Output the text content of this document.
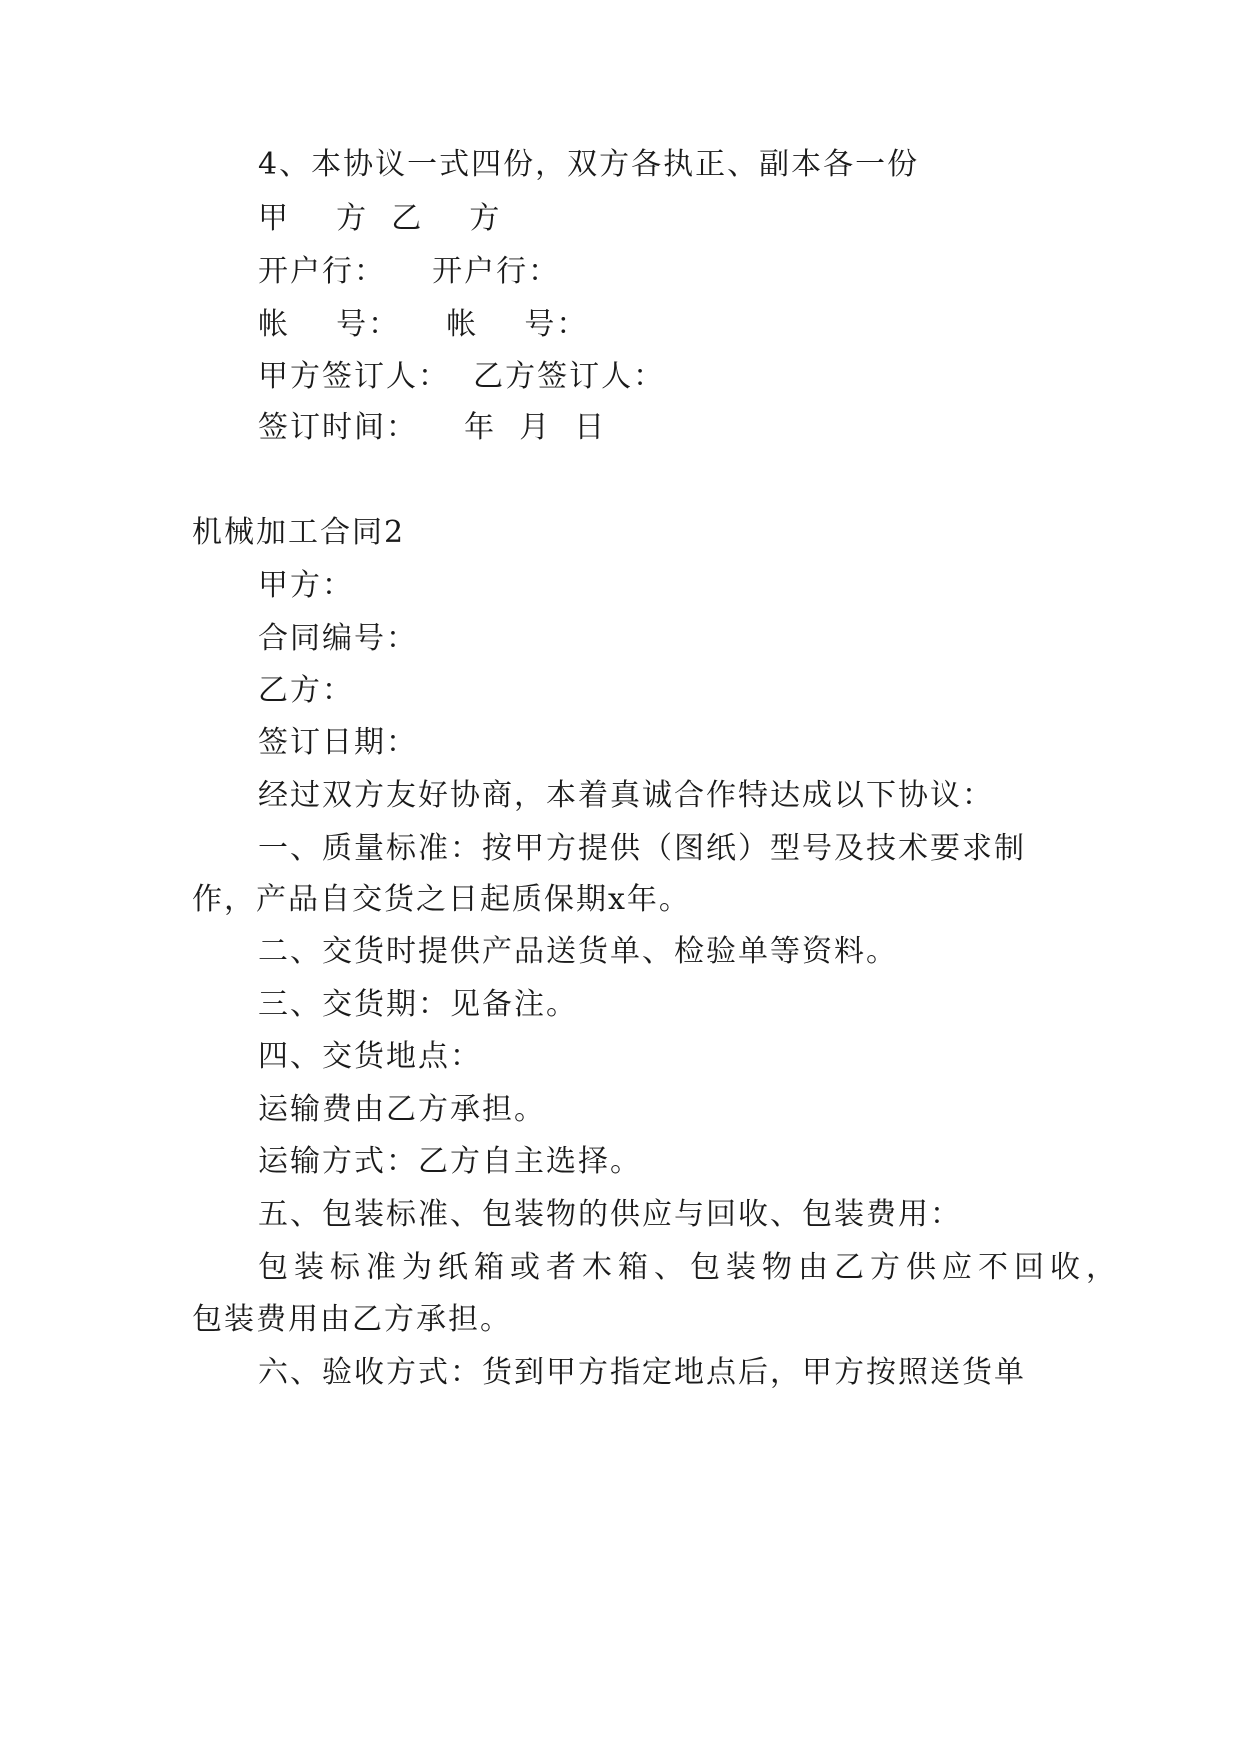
4、本协议一式四份，双方各执正、副本各一份
甲    方  乙    方
开户行：    开户行：
帐    号：    帐    号：
甲方签订人：  乙方签订人：
签订时间：    年  月  日
机械加工合同2
甲方：
合同编号：
乙方：
签订日期：
经过双方友好协商，本着真诚合作特达成以下协议：
一、质量标准：按甲方提供（图纸）型号及技术要求制
作，产品自交货之日起质保期x年。
二、交货时提供产品送货单、检验单等资料。
三、交货期：见备注。
四、交货地点：
运输费由乙方承担。
运输方式：乙方自主选择。
五、包装标准、包装物的供应与回收、包装费用：
包装标准为纸箱或者木箱、包装物由乙方供应不回收，
包装费用由乙方承担。
六、验收方式：货到甲方指定地点后，甲方按照送货单
